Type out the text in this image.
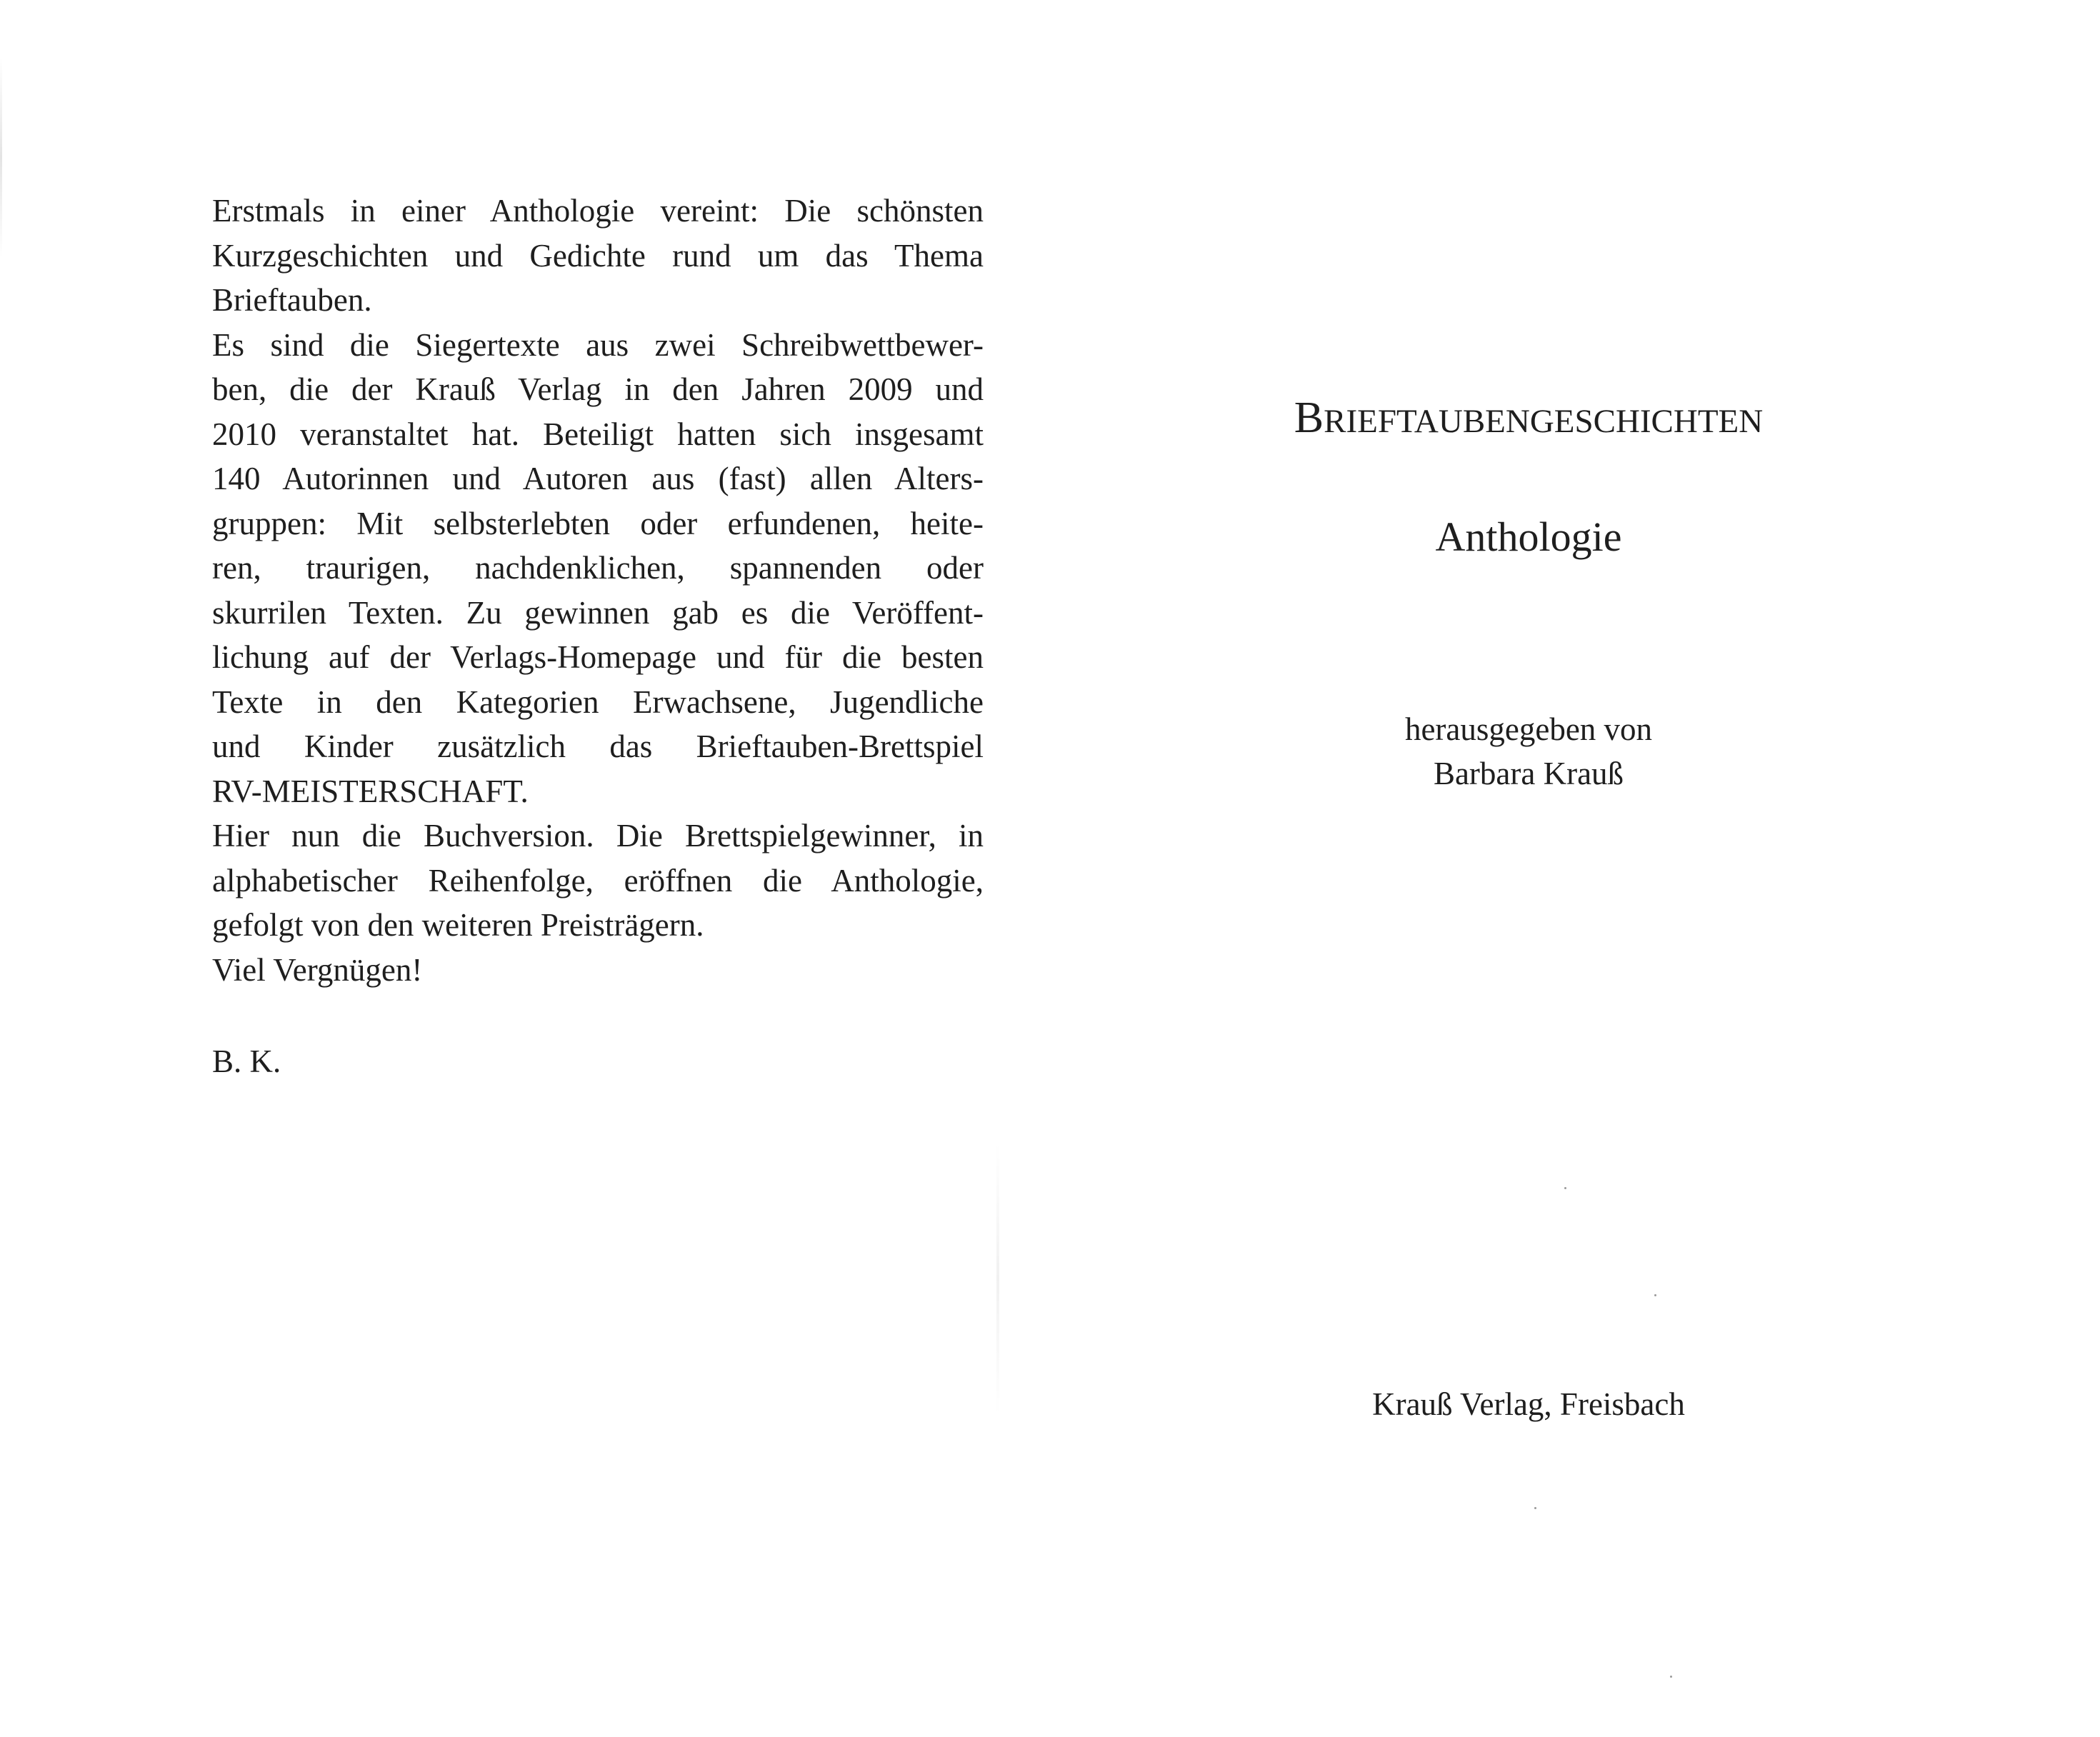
Erstmals in einer Anthologie vereint: Die schönsten

Kurzgeschichten und Gedichte rund um das Thema

Brieftauben.

Es sind die Siegertexte aus zwei Schreibwettbewer-

ben, die der Krauß Verlag in den Jahren 2009 und

2010 veranstaltet hat. Beteiligt hatten sich insgesamt

140 Autorinnen und Autoren aus (fast) allen Alters-

gruppen: Mit selbsterlebten oder erfundenen, heite-

ren, traurigen, nachdenklichen, spannenden oder

skurrilen Texten. Zu gewinnen gab es die Veröffent-

lichung auf der Verlags-Homepage und für die besten

Texte in den Kategorien Erwachsene, Jugendliche

und Kinder zusätzlich das Brieftauben-Brettspiel

RV-MEISTERSCHAFT.

Hier nun die Buchversion. Die Brettspielgewinner, in

alphabetischer Reihenfolge, eröffnen die Anthologie,

gefolgt von den weiteren Preisträgern.

Viel Vergnügen!

B. K.
BRIEFTAUBENGESCHICHTEN
Anthologie
herausgegeben von
Barbara Krauß
Krauß Verlag, Freisbach
